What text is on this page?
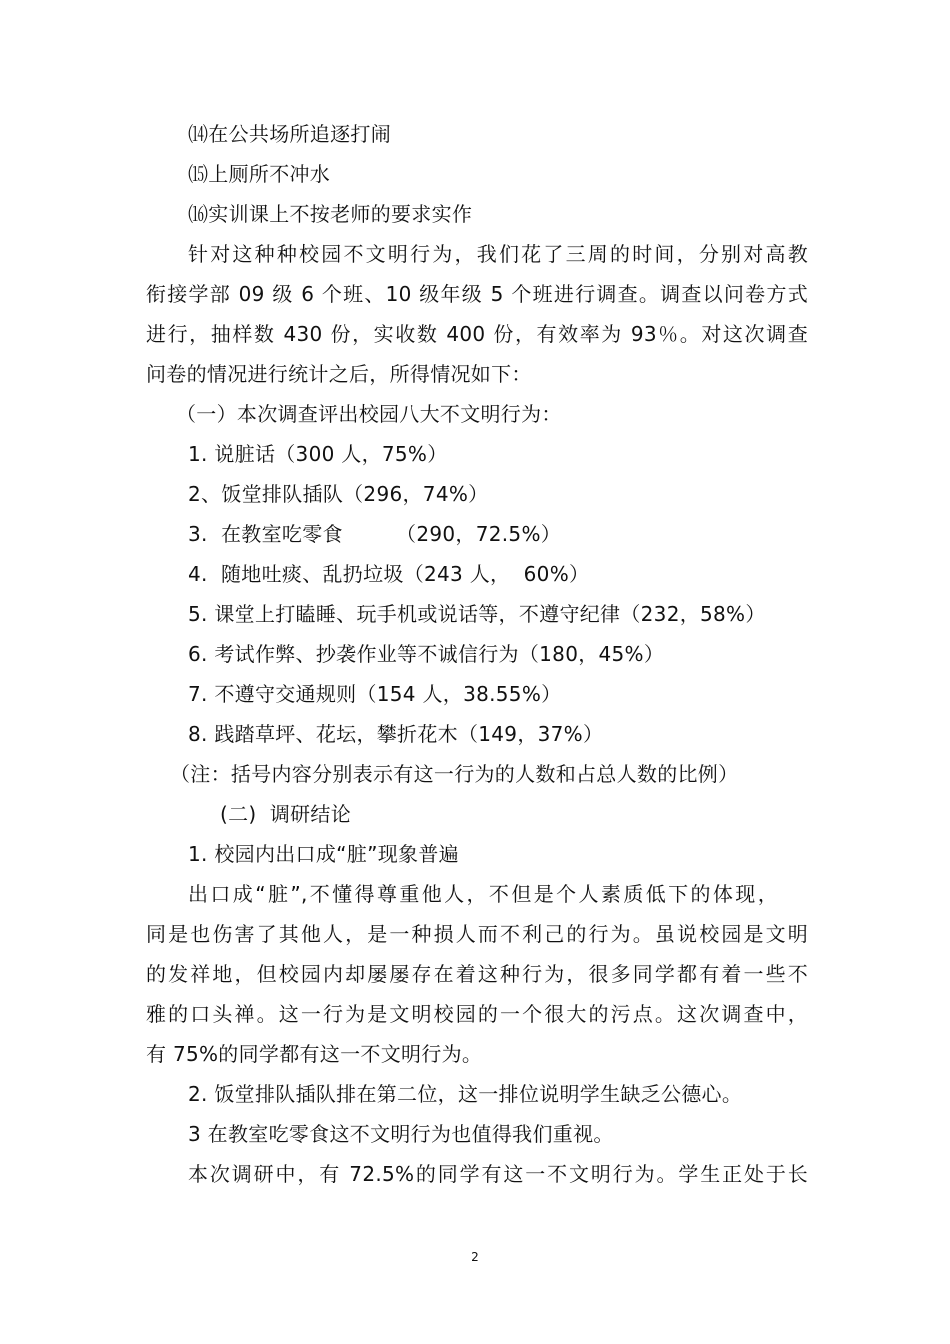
⒁在公共场所追逐打闹
⒂上厕所不冲水
⒃实训课上不按老师的要求实作
针对这种种校园不文明行为，我们花了三周的时间，分别对高教
衔接学部 09 级 6 个班、10 级年级 5 个班进行调查。调查以问卷方式
进行，抽样数 430 份，实收数 400 份，有效率为 93％。对这次调查
问卷的情况进行统计之后，所得情况如下：
（一）本次调查评出校园八大不文明行为：
1. 说脏话（300 人，75%）
2、饭堂排队插队（296，74%）
3.  在教室吃零食        （290，72.5%）
4.  随地吐痰、乱扔垃圾（243 人，  60%）
5. 课堂上打瞌睡、玩手机或说话等，不遵守纪律（232，58%）
6. 考试作弊、抄袭作业等不诚信行为（180，45%）
7. 不遵守交通规则（154 人，38.55%）
8. 践踏草坪、花坛，攀折花木（149，37%）
（注：括号内容分别表示有这一行为的人数和占总人数的比例）
(二)  调研结论
1. 校园内出口成“脏”现象普遍
出口成“脏”,不懂得尊重他人，不但是个人素质低下的体现，
同是也伤害了其他人，是一种损人而不利己的行为。虽说校园是文明
的发祥地，但校园内却屡屡存在着这种行为，很多同学都有着一些不
雅的口头禅。这一行为是文明校园的一个很大的污点。这次调查中，
有 75%的同学都有这一不文明行为。
2. 饭堂排队插队排在第二位，这一排位说明学生缺乏公德心。
3 在教室吃零食这不文明行为也值得我们重视。
本次调研中，有 72.5%的同学有这一不文明行为。学生正处于长
2
